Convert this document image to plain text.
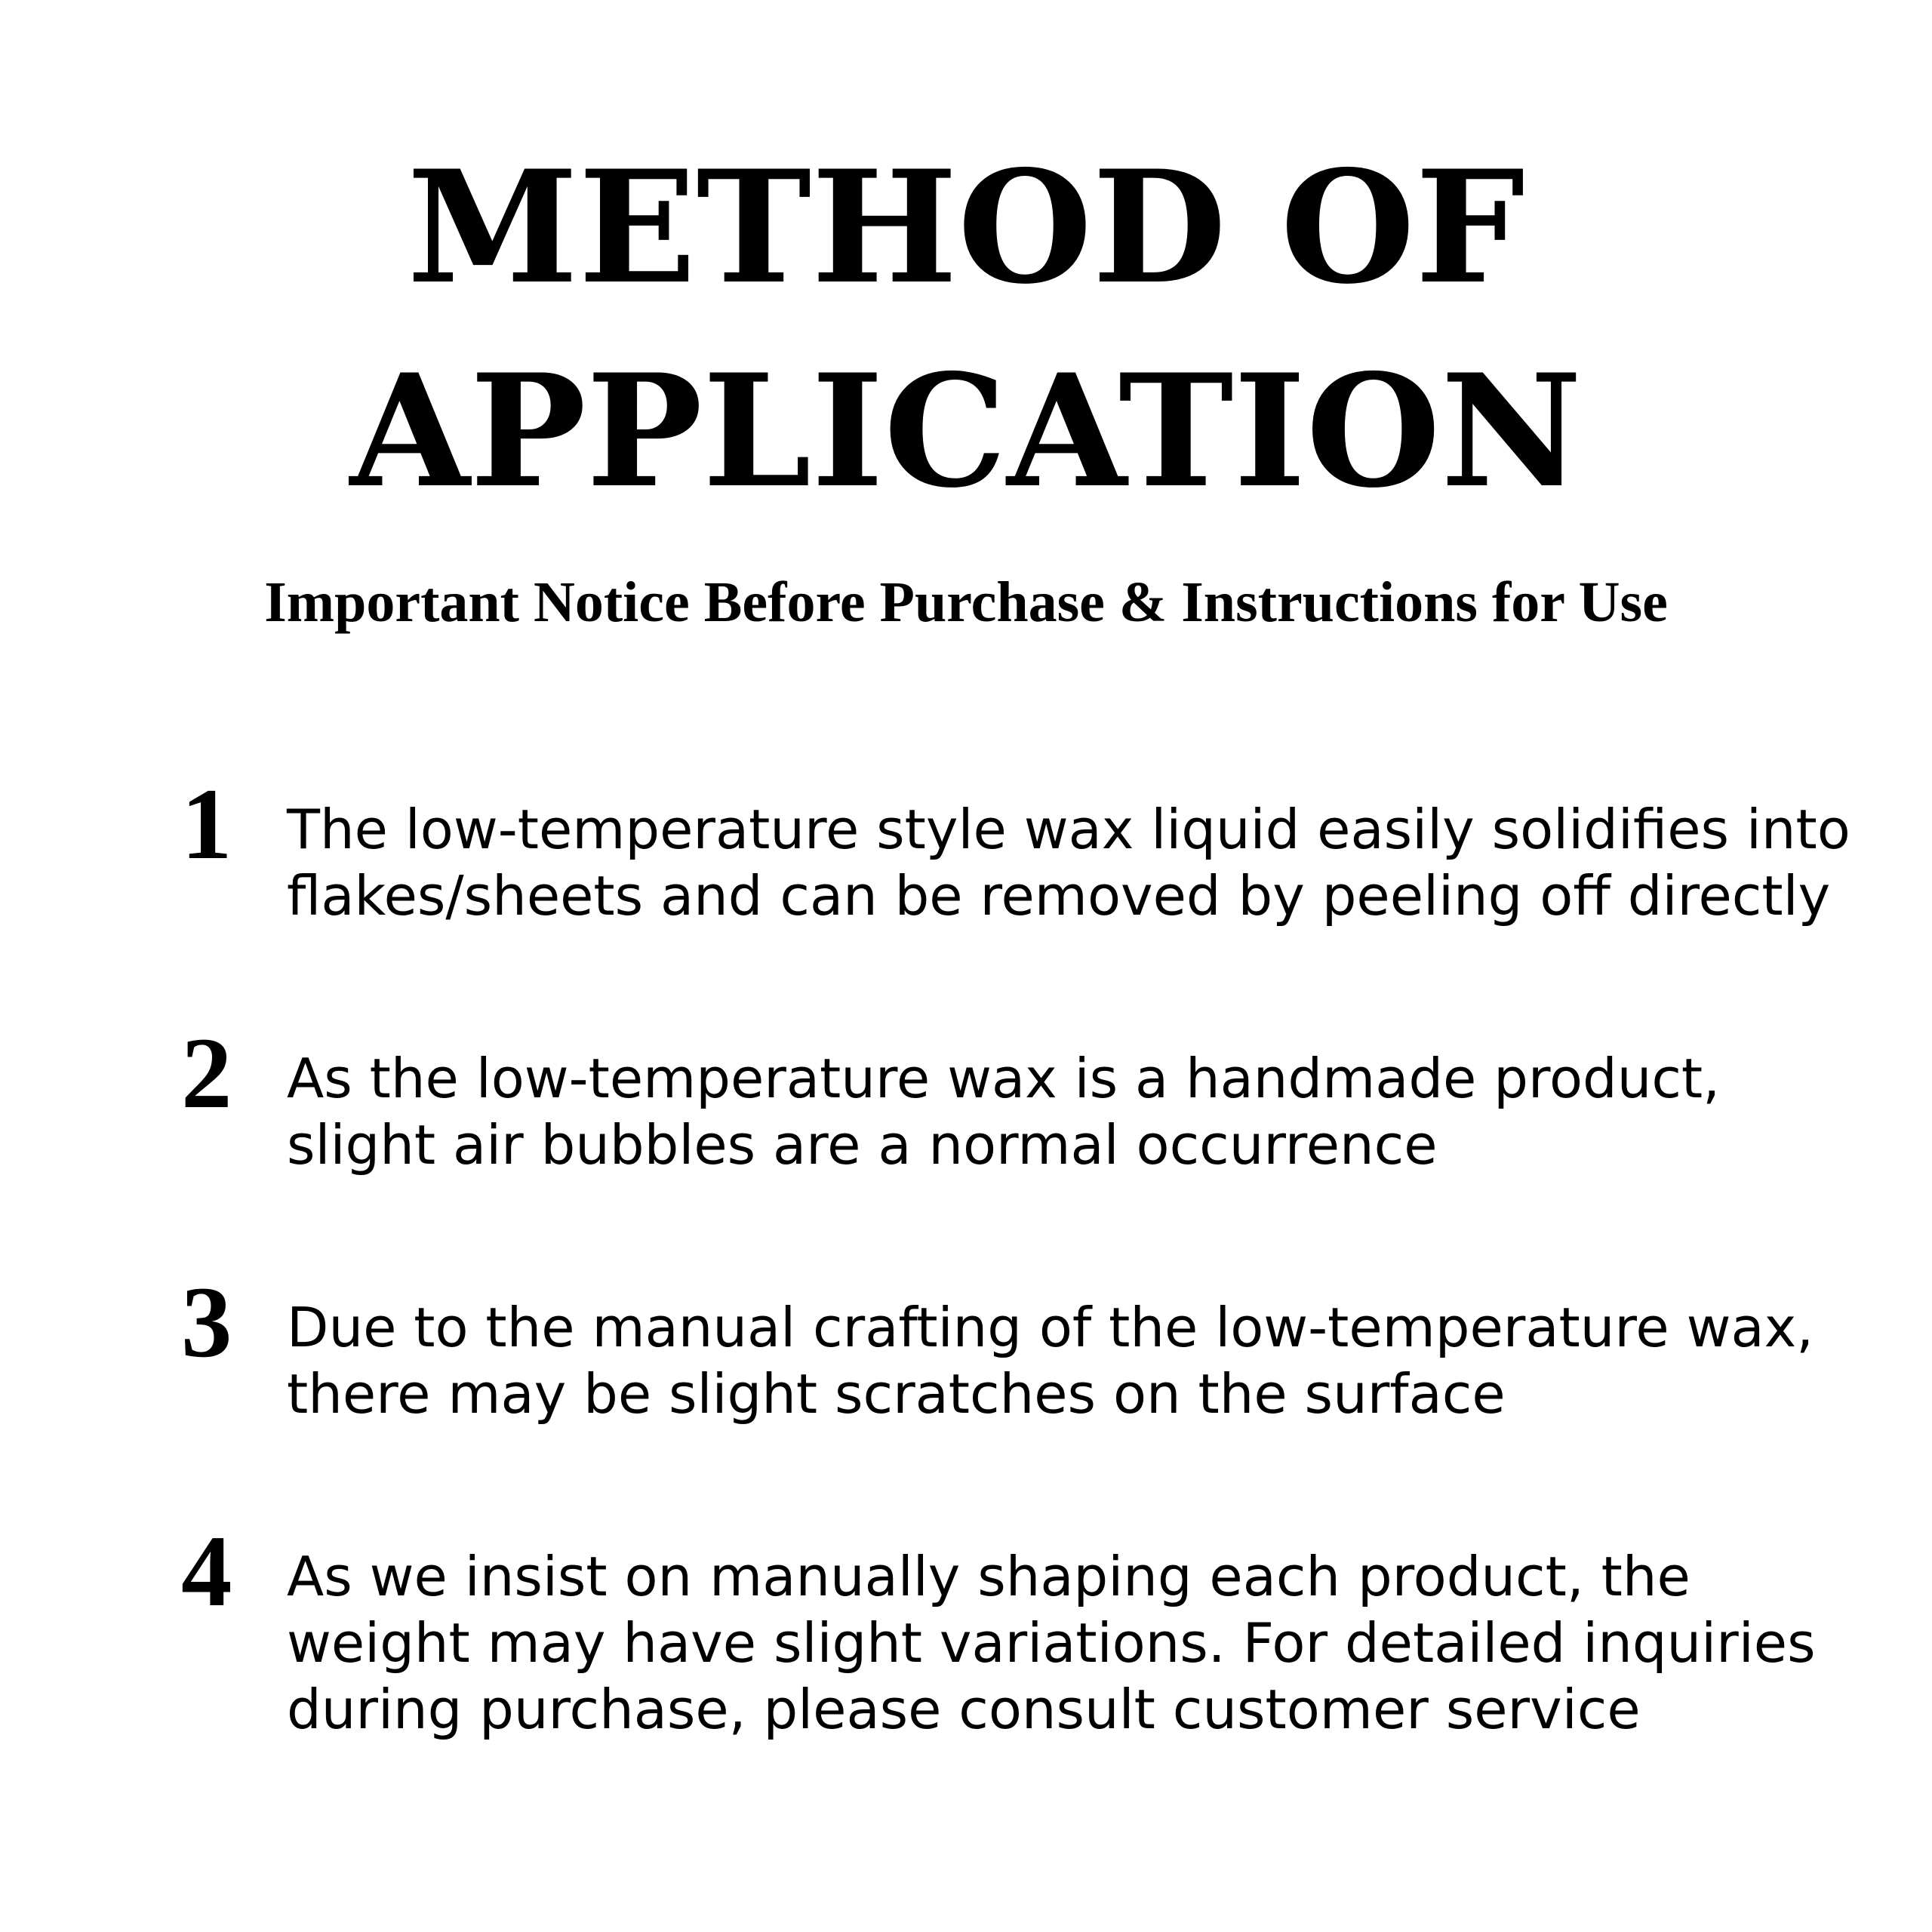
METHOD OF
APPLICATION
Important Notice Before Purchase & Instructions for Use
1	The low-temperature style wax liquid easily solidifies into
flakes/sheets and can be removed by peeling off directly
2	As the low-temperature wax is a handmade product,
slight air bubbles are a normal occurrence
3	Due to the manual crafting of the low-temperature wax,
there may be slight scratches on the surface
4	As we insist on manually shaping each product, the
weight may have slight variations. For detailed inquiries
during purchase, please consult customer service
